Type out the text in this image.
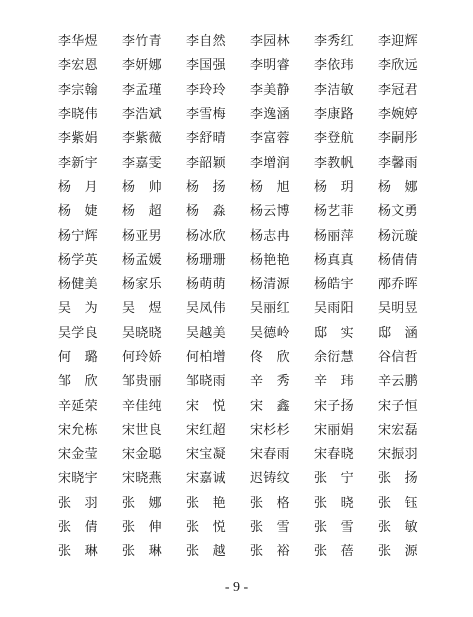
李华煜	李竹青	李自然	李园林	李秀红	李迎辉
李宏恩	李妍娜	李国强	李明睿	李依玮	李欣远
李宗翰	李孟瑾	李玲玲	李美静	李洁敏	李冠君
李晓伟	李浩斌	李雪梅	李逸涵	李康路	李婉婷
李紫娟	李紫薇	李舒晴	李富蓉	李登航	李嗣彤
李新宇	李嘉雯	李韶颖	李增润	李教帆	李馨雨
杨　月	杨　帅	杨　扬	杨　旭	杨　玥	杨　娜
杨　婕	杨　超	杨　淼	杨云博	杨艺菲	杨文勇
杨宁辉	杨亚男	杨冰欣	杨志冉	杨丽萍	杨沅璇
杨学英	杨孟媛	杨珊珊	杨艳艳	杨真真	杨倩倩
杨健美	杨家乐	杨萌萌	杨清源	杨皓宇	邴乔晖
吴　为	吴　煜	吴凤伟	吴丽红	吴雨阳	吴明昱
吴学良	吴晓晓	吴越美	吴德岭	邸　实	邸　涵
何　璐	何玲娇	何柏增	佟　欣	余衍慧	谷信哲
邹　欣	邹贵丽	邹晓雨	辛　秀	辛　玮	辛云鹏
辛延荣	辛佳纯	宋　悦	宋　鑫	宋子扬	宋子恒
宋允栋	宋世良	宋红超	宋杉杉	宋丽娟	宋宏磊
宋金莹	宋金聪	宋宝凝	宋春雨	宋春晓	宋振羽
宋晓宇	宋晓燕	宋嘉诚	迟铸纹	张　宁	张　扬
张　羽	张　娜	张　艳	张　格	张　晓	张　钰
张　倩	张　伸	张　悦	张　雪	张　雪	张　敏
张　琳	张　琳	张　越	张　裕	张　蓓	张　源
- 9 -
